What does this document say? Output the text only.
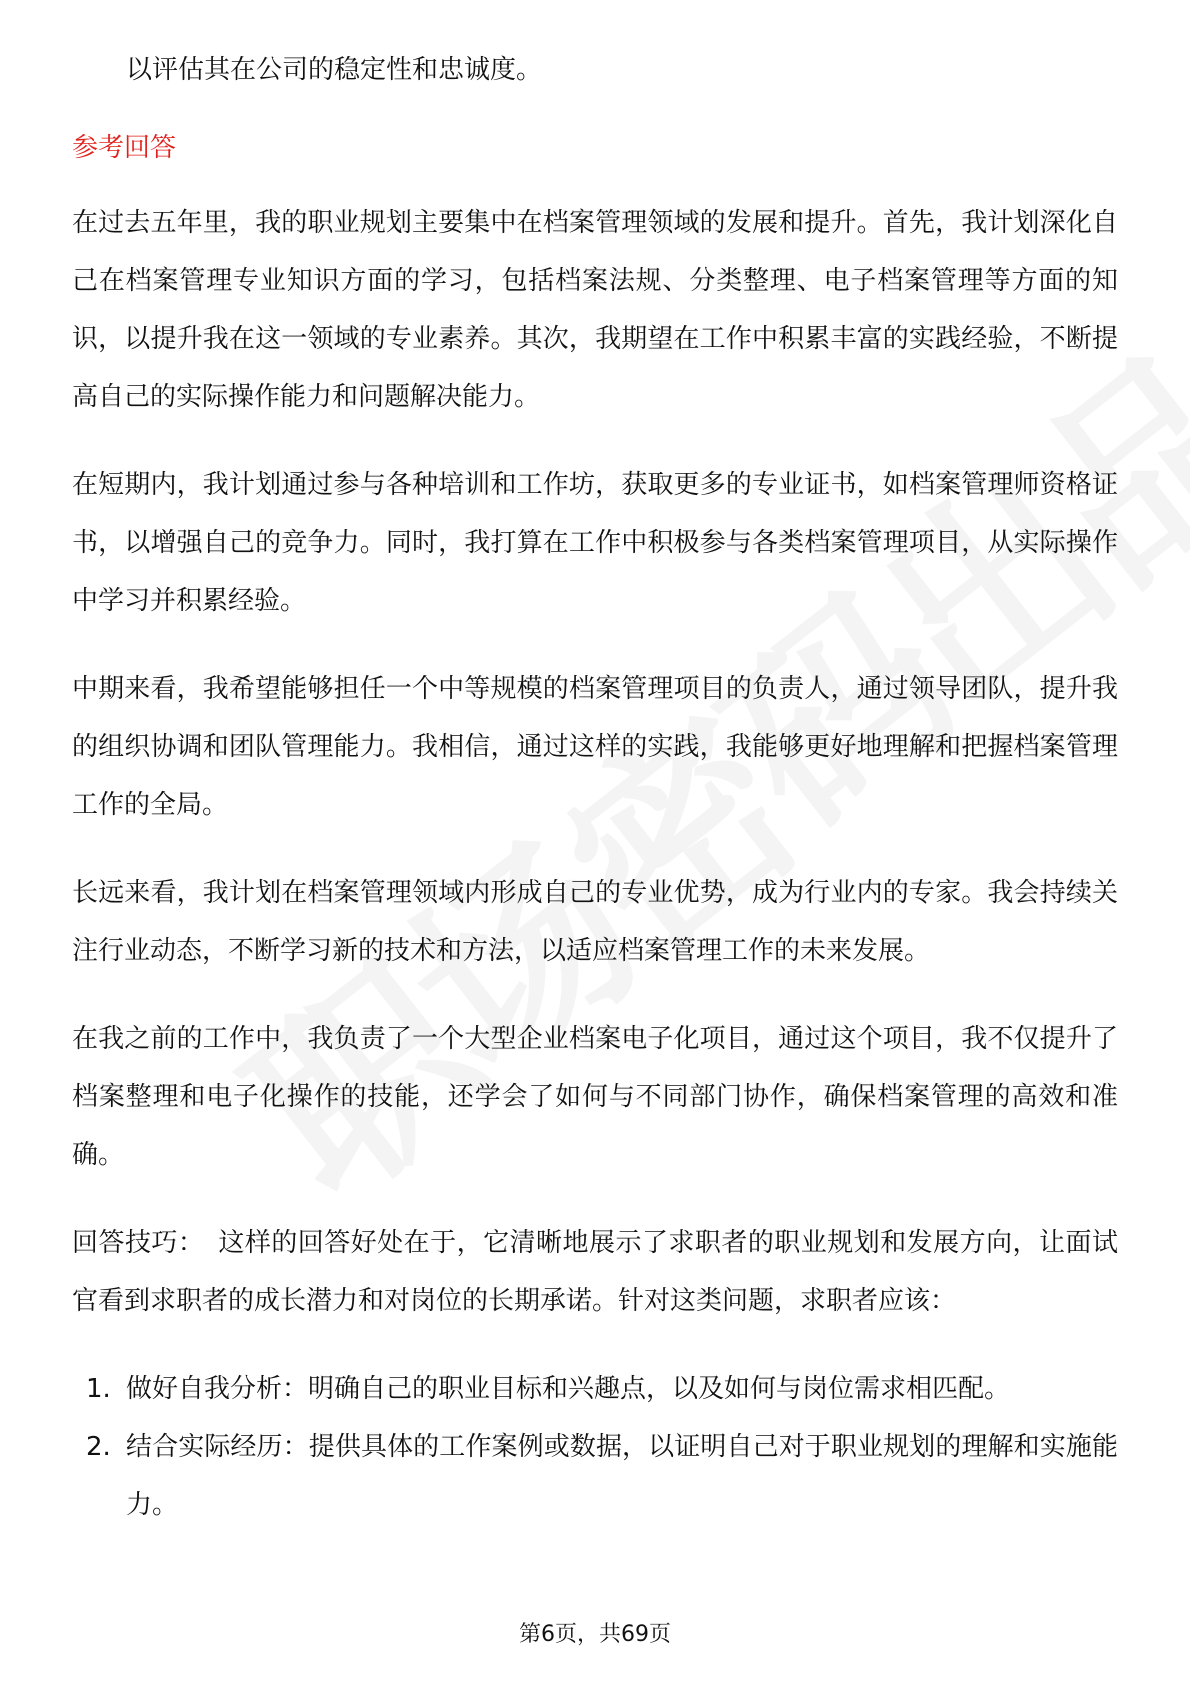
以评估其在公司的稳定性和忠诚度。

参考回答

在过去五年里，我的职业规划主要集中在档案管理领域的发展和提升。首先，我计划深化自己在档案管理专业知识方面的学习，包括档案法规、分类整理、电子档案管理等方面的知识，以提升我在这一领域的专业素养。其次，我期望在工作中积累丰富的实践经验，不断提高自己的实际操作能力和问题解决能力。

在短期内，我计划通过参与各种培训和工作坊，获取更多的专业证书，如档案管理师资格证书，以增强自己的竞争力。同时，我打算在工作中积极参与各类档案管理项目，从实际操作中学习并积累经验。

中期来看，我希望能够担任一个中等规模的档案管理项目的负责人，通过领导团队，提升我的组织协调和团队管理能力。我相信，通过这样的实践，我能够更好地理解和把握档案管理工作的全局。

长远来看，我计划在档案管理领域内形成自己的专业优势，成为行业内的专家。我会持续关注行业动态，不断学习新的技术和方法，以适应档案管理工作的未来发展。

在我之前的工作中，我负责了一个大型企业档案电子化项目，通过这个项目，我不仅提升了档案整理和电子化操作的技能，还学会了如何与不同部门协作，确保档案管理的高效和准确。

回答技巧： 这样的回答好处在于，它清晰地展示了求职者的职业规划和发展方向，让面试官看到求职者的成长潜力和对岗位的长期承诺。针对这类问题，求职者应该：

1. 做好自我分析：明确自己的职业目标和兴趣点，以及如何与岗位需求相匹配。
2. 结合实际经历：提供具体的工作案例或数据，以证明自己对于职业规划的理解和实施能力。
第6页，共69页
